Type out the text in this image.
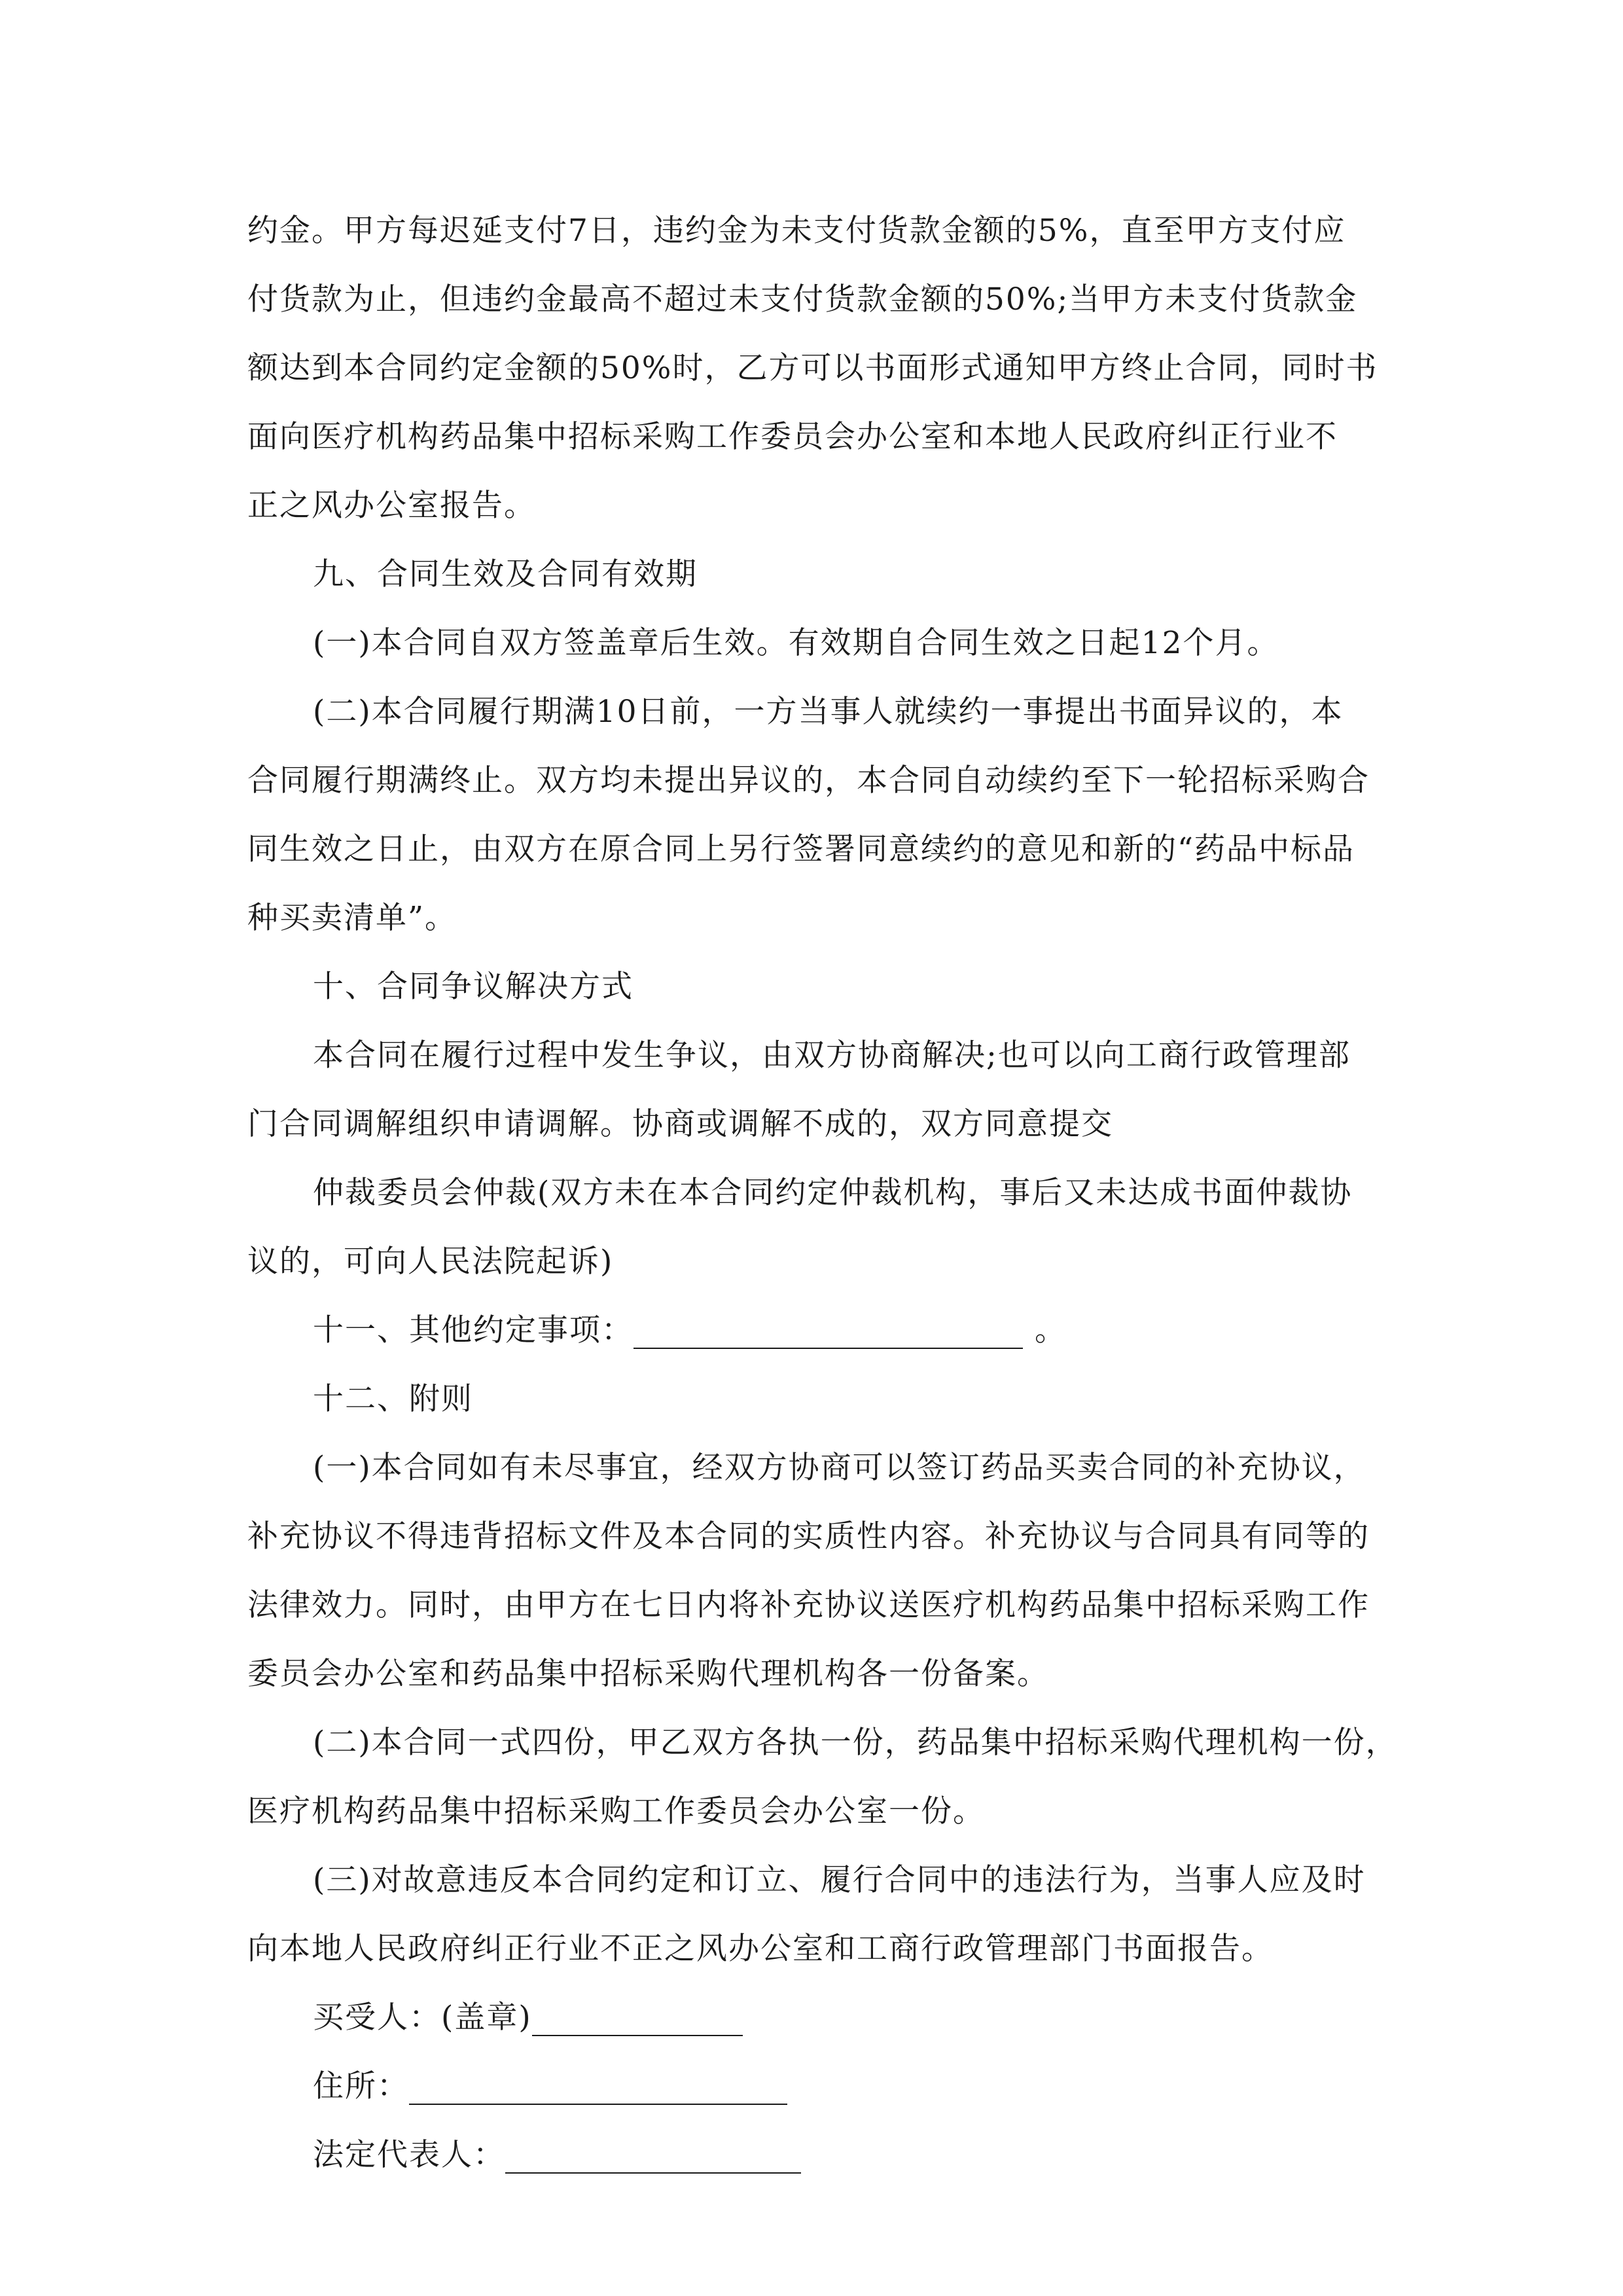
约金。甲方每迟延支付7日，违约金为未支付货款金额的5%，直至甲方支付应
付货款为止，但违约金最高不超过未支付货款金额的50%;当甲方未支付货款金
额达到本合同约定金额的50%时，乙方可以书面形式通知甲方终止合同，同时书
面向医疗机构药品集中招标采购工作委员会办公室和本地人民政府纠正行业不
正之风办公室报告。
九、合同生效及合同有效期
(一)本合同自双方签盖章后生效。有效期自合同生效之日起12个月。
(二)本合同履行期满10日前，一方当事人就续约一事提出书面异议的，本
合同履行期满终止。双方均未提出异议的，本合同自动续约至下一轮招标采购合
同生效之日止，由双方在原合同上另行签署同意续约的意见和新的“药品中标品
种买卖清单”。
十、合同争议解决方式
本合同在履行过程中发生争议，由双方协商解决;也可以向工商行政管理部
门合同调解组织申请调解。协商或调解不成的，双方同意提交
仲裁委员会仲裁(双方未在本合同约定仲裁机构，事后又未达成书面仲裁协
议的，可向人民法院起诉)
十一、其他约定事项：	。
十二、附则
(一)本合同如有未尽事宜，经双方协商可以签订药品买卖合同的补充协议，
补充协议不得违背招标文件及本合同的实质性内容。补充协议与合同具有同等的
法律效力。同时，由甲方在七日内将补充协议送医疗机构药品集中招标采购工作
委员会办公室和药品集中招标采购代理机构各一份备案。
(二)本合同一式四份，甲乙双方各执一份，药品集中招标采购代理机构一份，
医疗机构药品集中招标采购工作委员会办公室一份。
(三)对故意违反本合同约定和订立、履行合同中的违法行为，当事人应及时
向本地人民政府纠正行业不正之风办公室和工商行政管理部门书面报告。
买受人：(盖章)
住所：
法定代表人：
